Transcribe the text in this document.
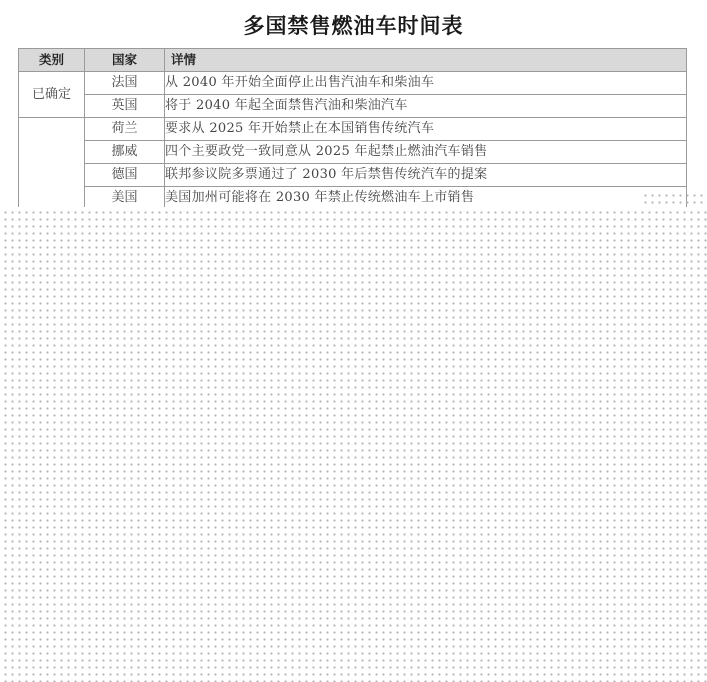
多国禁售燃油车时间表
类别	国家	详情
已确定	法国	从 2040 年开始全面停止出售汽油车和柴油车
	英国	将于 2040 年起全面禁售汽油和柴油汽车
	荷兰	要求从 2025 年开始禁止在本国销售传统汽车
	挪威	四个主要政党一致同意从 2025 年起禁止燃油汽车销售
	德国	联邦参议院多票通过了 2030 年后禁售传统汽车的提案
	美国	美国加州可能将在 2030 年禁止传统燃油车上市销售
